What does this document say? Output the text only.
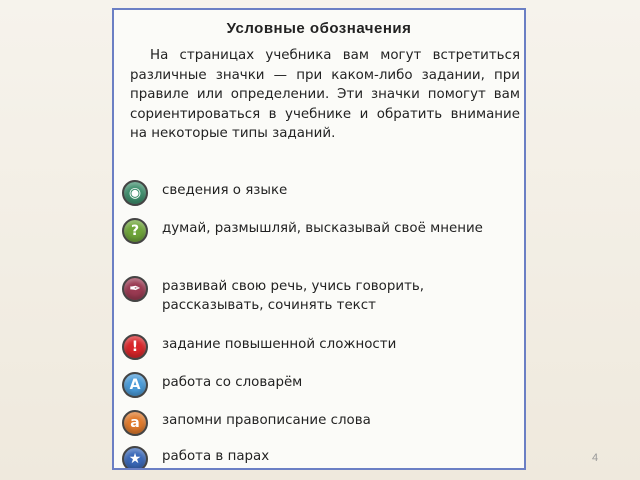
Условные обозначения
На страницах учебника вам могут встретиться различные значки — при каком-либо задании, при правиле или определении. Эти значки помогут вам сориентироваться в учебнике и обратить внимание на некоторые типы заданий.
◉	сведения о языке
?	думай, размышляй, высказывай своё мнение
✒	развивай свою речь, учись говорить, рассказывать, сочинять текст
!	задание повышенной сложности
А	работа со словарём
а	запомни правописание слова
★	работа в парах	4
